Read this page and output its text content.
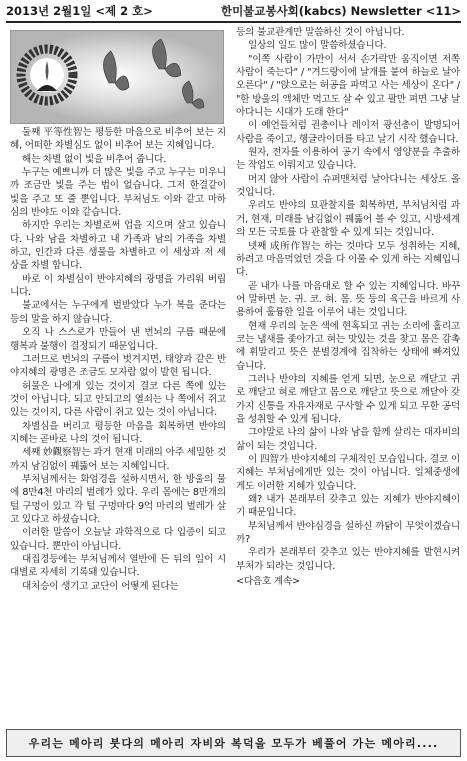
2013년 2월1일 <제 2 호>	한미불교봉사회(kabcs) Newsletter <11>

둘째 平等性智는 평등한 마음으로 비추어 보는 지혜, 어떠한 차별심도 없이 비추어 보는 지혜입니다.

해는 차별 없이 빛을 비추어 줍니다.

누구는 예쁘니까 더 많은 빛을 주고 누구는 미우니까 조금만 빛을 주는 법이 없습니다. 그저 한결같이 빛을 주고 또 줄 뿐입니다. 부처님도 이와 같고 마하심의 반야도 이와 같습니다.

하지만 우리는 차별로써 업을 지으며 살고 있습니다. 나와 남을 차별하고 내 가족과 남의 가족을 차별하고, 인간과 다른 생물을 차별하고 이 세상과 저 세상을 차별 합니다.

바로 이 차별심이 반야지혜의 광명을 가리워 버립니다.

불교에서는 누구에게 벌받았다 누가 복을 준다는 등의 말을 하지 않습니다.

오직 나 스스로가 만들어 낸 번뇌의 구름 때문에 행복과 불행이 결정되기 때문입니다.

그러므로 번뇌의 구름이 벗겨지면, 태양과 같은 반야지혜의 광명은 조금도 모자람 없이 발현 됩니다.

허물은 나에게 있는 것이지 결코 다른 쪽에 있는 것이 아닙니다. 되고 안되고의 열쇠는 나 쪽에서 쥐고 있는 것이지, 다른 사람이 쥐고 있는 것이 아닙니다.

차별심을 버리고 평등한 마음을 회복하면 반야의 지혜는 곧바로 나의 것이 됩니다.

세째 妙觀察智는 과거 현재 미래의 아주 세밀한 것까지 남김없이 꿰뚫어 보는 지혜입니다.

부처님께서는 화엄경을 설하시면서, 한 방울의 물에 8만4천 마리의 벌레가 있다. 우리 몸에는 8만개의 털 구멍이 있고 각 털 구멍마다 9억 마리의 벌레가 살고 있다고 하셨습니다.

이러한 말씀이 오늘날 과학적으로 다 입증이 되고 있습니다. 뿐만이 아닙니다.

대집경등에는 부처님께서 열반에 든 뒤의 일이 시대별로 자세히 기록돼 있습니다.

대처승이 생기고 교단이 어떻게 된다는

등의 불교관계만 말씀하신 것이 아닙니다.

일상의 일도 많이 말씀하셨습니다.

"이쪽 사람이 가만이 서서 손가락만 움직이면 저쪽 사람이 죽는다" / "겨드랑이에 날개를 붙여 하늘로 날아 오른다" / "앉으로는 허공을 파먹고 사는 세상이 온다" / "한 방울의 액체만 먹고도 살 수 있고 팔만 펴면 그냥 날아다니는 시대가 도래 한다"

이 예언들처럼 권총이나 레이저 광선총이 발명되어 사람을 죽이고, 행글라이더를 타고 날기 시작 했습니다.

원자, 전자를 이용하여 공기 속에서 영양분을 추출하는 작업도 이뤄지고 있습니다.

머지 않아 사람이 슈퍼맨처럼 날아다니는 세상도 올 것입니다.

우리도 반야의 묘관찰지를 회복하면, 부처님처럼 과거, 현재, 미래를 남김없이 꿰뚫어 볼 수 있고, 시방세계의 모든 국토를 다 관찰할 수 있게 되는 것입니다.

넷째 成所作智는 하는 것마다 모두 성취하는 지혜, 하려고 마음먹었던 것을 다 이룰 수 있게 하는 지혜입니다.

곧 내가 나를 마음대로 할 수 있는 지혜입니다. 바꾸어 말하면 눈. 귀. 코. 혀. 몸. 뜻 등의 육근을 바르게 사용하여 훌륭한 일을 이루어 내는 것입니다.

현재 우리의 눈은 색에 현혹되고 귀는 소리에 홀리고 코는 냄새를 좇아가고 혀는 맛있는 것을 찾고 몸은 감촉에 휘말리고 뜻은 분별경계에 집착하는 상태에 빠져있습니다.

그러나 반야의 지혜를 얻게 되면, 눈으로 깨닫고 귀로 깨닫고 혀로 깨닫고 몸으로 깨닫고 뜻으로 깨닫아 갖가지 신통을 자유자재로 구사할 수 있게 되고 무한 공덕을 성취할 수 있게 됩니다.

그야말로 나의 삶이 나와 남을 함께 살리는 대자비의 삶이 되는 것입니다.

이 四智가 반야지혜의 구체적인 모습입니다. 결코 이 지혜는 부처님에게만 있는 것이 아닙니다. 일체중생에게도 이러한 지혜가 있습니다.

왜? 내가 본래부터 갖추고 있는 지혜가 반야지혜이기 때문입니다.

부처님께서 반야심경을 설하신 까닭이 무엇이겠습니까?

우리가 본래부터 갖추고 있는 반야지혜를 발현시켜 부처가 되라는 것입니다.

<다음호 계속>

우리는 메아리 붓다의 메아리 자비와 복덕을 모두가 베풀어 가는 메아리....
